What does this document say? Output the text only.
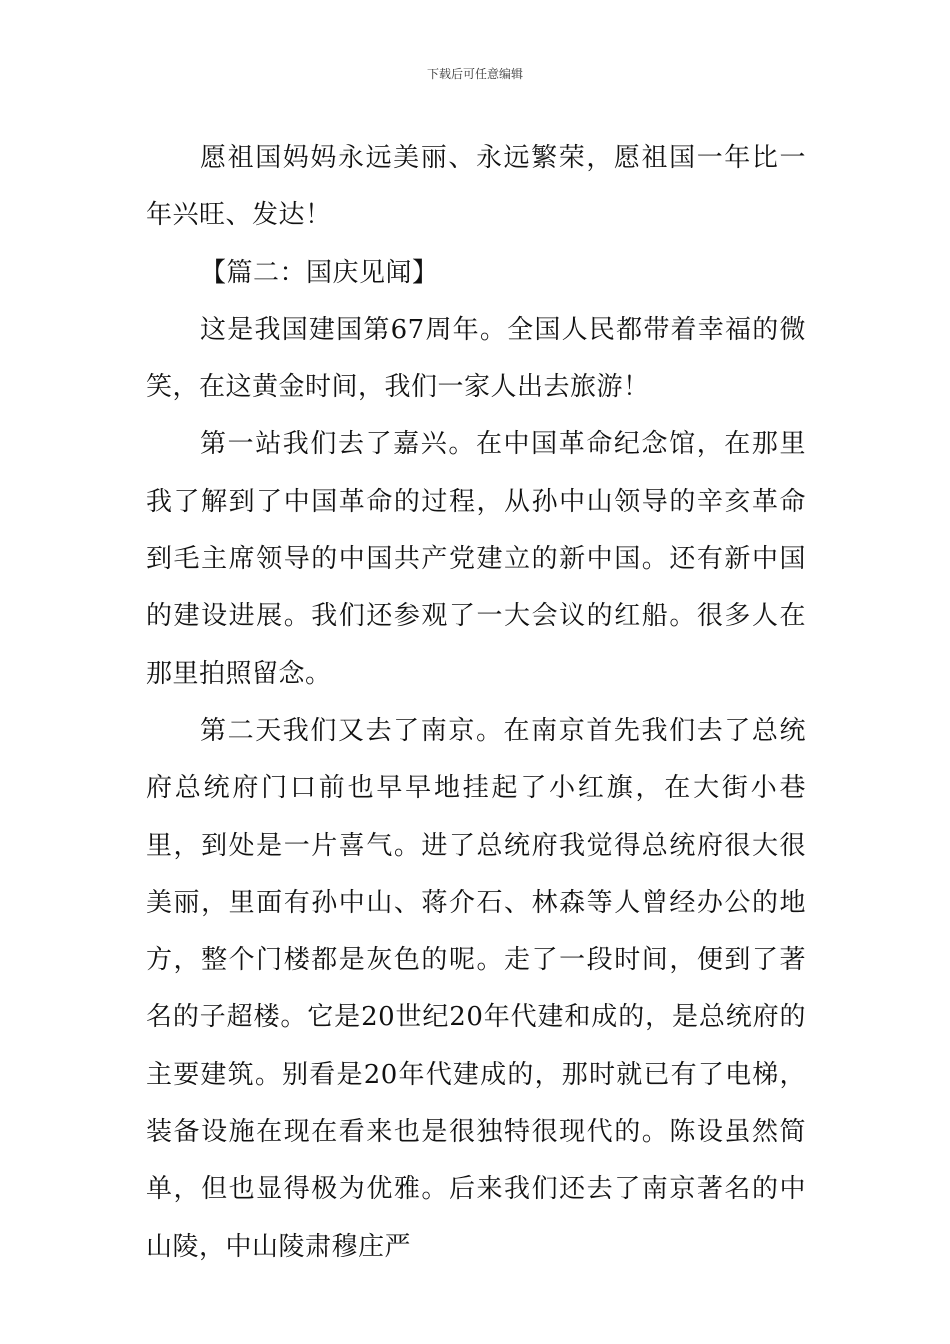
下载后可任意编辑

愿祖国妈妈永远美丽、永远繁荣，愿祖国一年比一年兴旺、发达！

【篇二：国庆见闻】

这是我国建国第67周年。全国人民都带着幸福的微笑，在这黄金时间，我们一家人出去旅游！

第一站我们去了嘉兴。在中国革命纪念馆，在那里我了解到了中国革命的过程，从孙中山领导的辛亥革命到毛主席领导的中国共产党建立的新中国。还有新中国的建设进展。我们还参观了一大会议的红船。很多人在那里拍照留念。

第二天我们又去了南京。在南京首先我们去了总统府总统府门口前也早早地挂起了小红旗，在大街小巷里，到处是一片喜气。进了总统府我觉得总统府很大很美丽，里面有孙中山、蒋介石、林森等人曾经办公的地方，整个门楼都是灰色的呢。走了一段时间，便到了著名的子超楼。它是20世纪20年代建和成的，是总统府的主要建筑。别看是20年代建成的，那时就已有了电梯，装备设施在现在看来也是很独特很现代的。陈设虽然简单，但也显得极为优雅。后来我们还去了南京著名的中山陵，中山陵肃穆庄严
